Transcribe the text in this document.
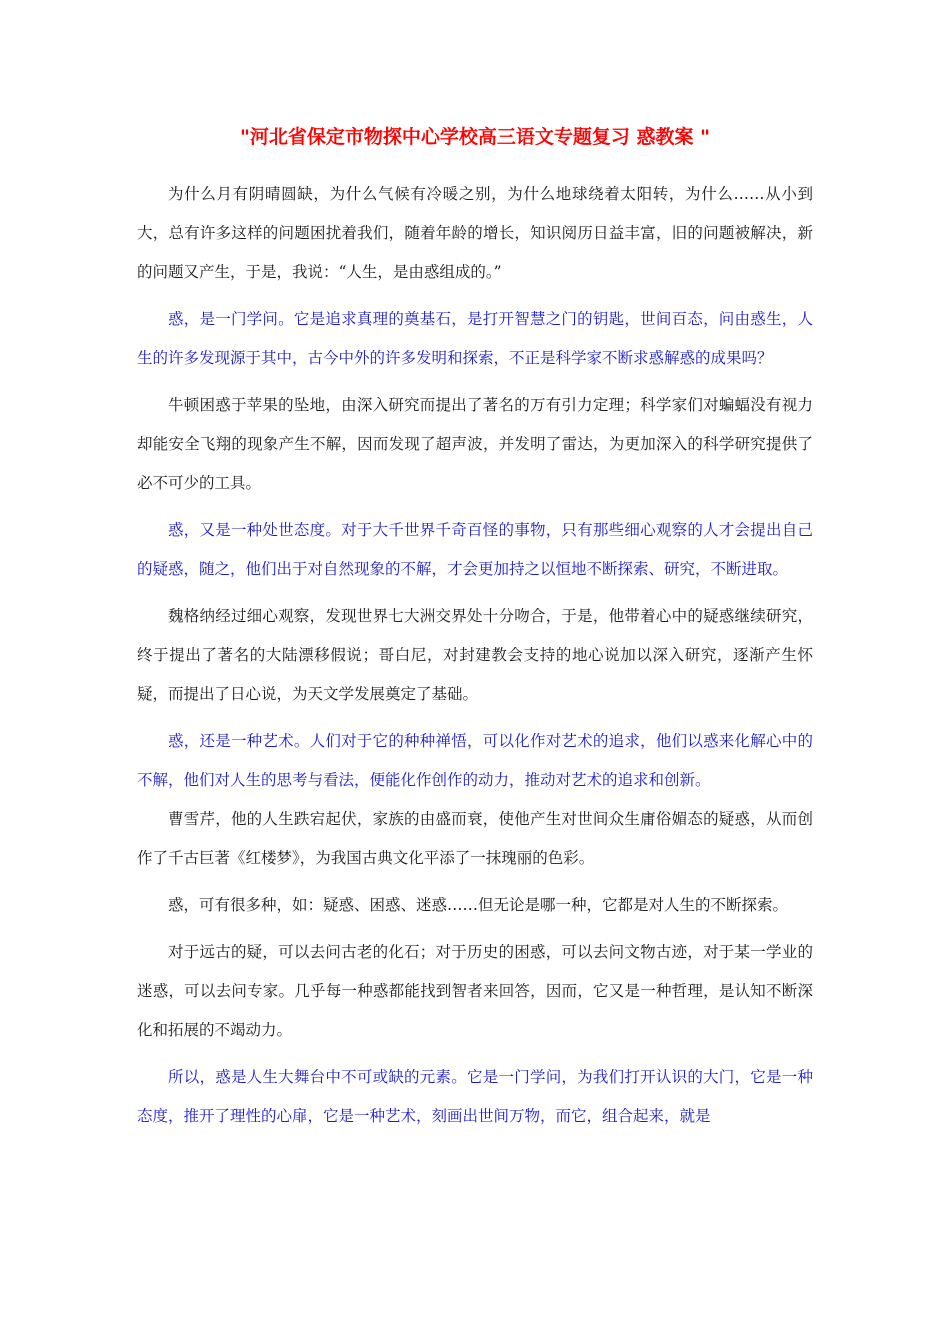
"河北省保定市物探中心学校高三语文专题复习 惑教案 "

为什么月有阴晴圆缺，为什么气候有冷暖之别，为什么地球绕着太阳转，为什么……从小到大，总有许多这样的问题困扰着我们，随着年龄的增长，知识阅历日益丰富，旧的问题被解决，新的问题又产生，于是，我说：“人生，是由惑组成的。”

惑，是一门学问。它是追求真理的奠基石，是打开智慧之门的钥匙，世间百态，问由惑生，人生的许多发现源于其中，古今中外的许多发明和探索，不正是科学家不断求惑解惑的成果吗？

牛顿困惑于苹果的坠地，由深入研究而提出了著名的万有引力定理；科学家们对蝙蝠没有视力却能安全飞翔的现象产生不解，因而发现了超声波，并发明了雷达，为更加深入的科学研究提供了必不可少的工具。

惑，又是一种处世态度。对于大千世界千奇百怪的事物，只有那些细心观察的人才会提出自己的疑惑，随之，他们出于对自然现象的不解，才会更加持之以恒地不断探索、研究，不断进取。

魏格纳经过细心观察，发现世界七大洲交界处十分吻合，于是，他带着心中的疑惑继续研究，终于提出了著名的大陆漂移假说；哥白尼，对封建教会支持的地心说加以深入研究，逐渐产生怀疑，而提出了日心说，为天文学发展奠定了基础。

惑，还是一种艺术。人们对于它的种种禅悟，可以化作对艺术的追求，他们以惑来化解心中的不解，他们对人生的思考与看法，便能化作创作的动力，推动对艺术的追求和创新。

曹雪芹，他的人生跌宕起伏，家族的由盛而衰，使他产生对世间众生庸俗媚态的疑惑，从而创作了千古巨著《红楼梦》，为我国古典文化平添了一抹瑰丽的色彩。

惑，可有很多种，如：疑惑、困惑、迷惑……但无论是哪一种，它都是对人生的不断探索。

对于远古的疑，可以去问古老的化石；对于历史的困惑，可以去问文物古迹，对于某一学业的迷惑，可以去问专家。几乎每一种惑都能找到智者来回答，因而，它又是一种哲理，是认知不断深化和拓展的不竭动力。

所以，惑是人生大舞台中不可或缺的元素。它是一门学问，为我们打开认识的大门，它是一种态度，推开了理性的心扉，它是一种艺术，刻画出世间万物，而它，组合起来，就是
